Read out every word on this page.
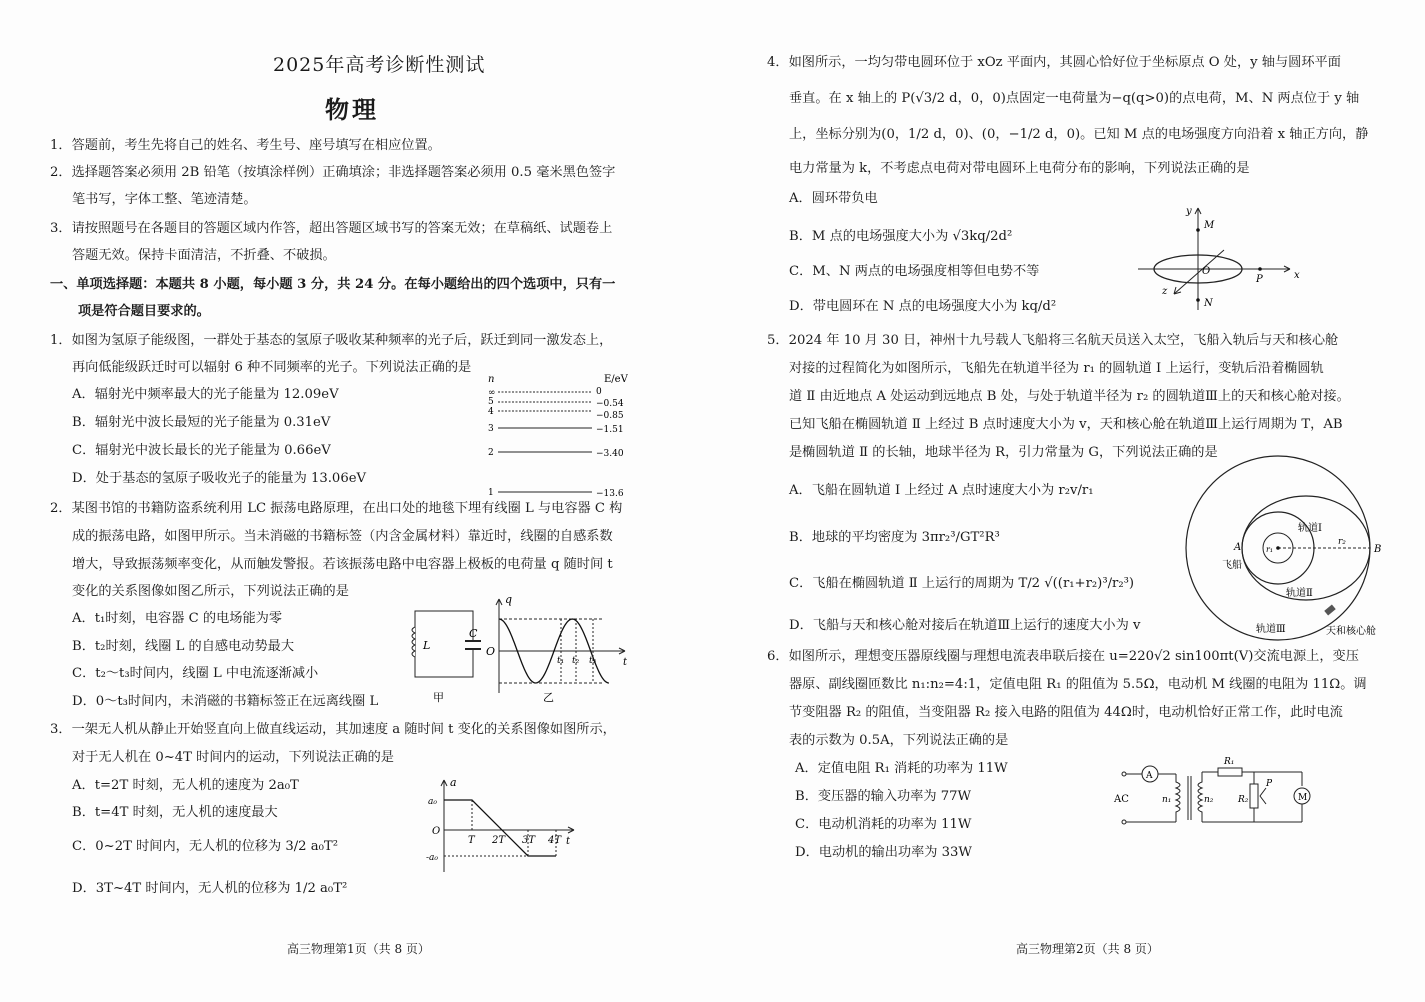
2025年高考诊断性测试
物理
1．答题前，考生先将自己的姓名、考生号、座号填写在相应位置。
2．选择题答案必须用 2B 铅笔（按填涂样例）正确填涂；非选择题答案必须用 0.5 毫米黑色签字
笔书写，字体工整、笔迹清楚。
3．请按照题号在各题目的答题区域内作答，超出答题区域书写的答案无效；在草稿纸、试题卷上
答题无效。保持卡面清洁，不折叠、不破损。
一、单项选择题：本题共 8 小题，每小题 3 分，共 24 分。在每小题给出的四个选项中，只有一
项是符合题目要求的。
1．如图为氢原子能级图，一群处于基态的氢原子吸收某种频率的光子后，跃迁到同一激发态上，
再向低能级跃迁时可以辐射 6 种不同频率的光子。下列说法正确的是
A．辐射光中频率最大的光子能量为 12.09eV
B．辐射光中波长最短的光子能量为 0.31eV
C．辐射光中波长最长的光子能量为 0.66eV
D．处于基态的氢原子吸收光子的能量为 13.06eV
n	E/eV
∞
5
4
3
2
1
0
−0.54
−0.85
−1.51
−3.40
−13.6
2．某图书馆的书籍防盗系统利用 LC 振荡电路原理，在出口处的地毯下埋有线圈 L 与电容器 C 构
成的振荡电路，如图甲所示。当未消磁的书籍标签（内含金属材料）靠近时，线圈的自感系数
增大，导致振荡频率变化，从而触发警报。若该振荡电路中电容器上极板的电荷量 q 随时间 t
变化的关系图像如图乙所示，下列说法正确的是
A．t₁时刻，电容器 C 的电场能为零
B．t₂时刻，线圈 L 的自感电动势最大
C．t₂～t₃时间内，线圈 L 中电流逐渐减小
D．0～t₃时间内，未消磁的书籍标签正在远离线圈 L
L
C
甲
q
O
t
t₁ t₂ t₃
乙
3．一架无人机从静止开始竖直向上做直线运动，其加速度 a 随时间 t 变化的关系图像如图所示，
对于无人机在 0~4T 时间内的运动，下列说法正确的是
A．t=2T 时刻，无人机的速度为 2a₀T
B．t=4T 时刻，无人机的速度最大
C．0~2T 时间内，无人机的位移为 3/2 a₀T²
D．3T~4T 时间内，无人机的位移为 1/2 a₀T²
a
a₀
-a₀
O
T 2T 3T 4T t
高三物理第1页（共 8 页）
4．如图所示，一均匀带电圆环位于 xOz 平面内，其圆心恰好位于坐标原点 O 处，y 轴与圆环平面
垂直。在 x 轴上的 P(√3/2 d，0，0)点固定一电荷量为−q(q>0)的点电荷，M、N 两点位于 y 轴
上，坐标分别为(0，1/2 d，0)、(0，−1/2 d，0)。已知 M 点的电场强度方向沿着 x 轴正方向，静
电力常量为 k，不考虑点电荷对带电圆环上电荷分布的影响，下列说法正确的是
A．圆环带负电
B．M 点的电场强度大小为 √3kq/2d²
C．M、N 两点的电场强度相等但电势不等
D．带电圆环在 N 点的电场强度大小为 kq/d²
y
x
z
O
M
N
P
5．2024 年 10 月 30 日，神州十九号载人飞船将三名航天员送入太空，飞船入轨后与天和核心舱
对接的过程简化为如图所示，飞船先在轨道半径为 r₁ 的圆轨道 Ⅰ 上运行，变轨后沿着椭圆轨
道 Ⅱ 由近地点 A 处运动到远地点 B 处，与处于轨道半径为 r₂ 的圆轨道Ⅲ上的天和核心舱对接。
已知飞船在椭圆轨道 Ⅱ 上经过 B 点时速度大小为 v，天和核心舱在轨道Ⅲ上运行周期为 T，AB
是椭圆轨道 Ⅱ 的长轴，地球半径为 R，引力常量为 G，下列说法正确的是
A．飞船在圆轨道 Ⅰ 上经过 A 点时速度大小为 r₂v/r₁
B．地球的平均密度为 3πr₂³/GT²R³
C．飞船在椭圆轨道 Ⅱ 上运行的周期为 T/2 √((r₁+r₂)³/r₂³)
D．飞船与天和核心舱对接后在轨道Ⅲ上运行的速度大小为 v
轨道Ⅰ
轨道Ⅱ
轨道Ⅲ
A	B
r₁
r₂
飞船
天和核心舱
6．如图所示，理想变压器原线圈与理想电流表串联后接在 u=220√2 sin100πt(V)交流电源上，变压
器原、副线圈匝数比 n₁:n₂=4:1，定值电阻 R₁ 的阻值为 5.5Ω，电动机 M 线圈的电阻为 11Ω。调
节变阻器 R₂ 的阻值，当变阻器 R₂ 接入电路的阻值为 44Ω时，电动机恰好正常工作，此时电流
表的示数为 0.5A，下列说法正确的是
A．定值电阻 R₁ 消耗的功率为 11W
B．变压器的输入功率为 77W
C．电动机消耗的功率为 11W
D．电动机的输出功率为 33W
AC
A
n₁	n₂
R₁
R₂
P
M
高三物理第2页（共 8 页）
